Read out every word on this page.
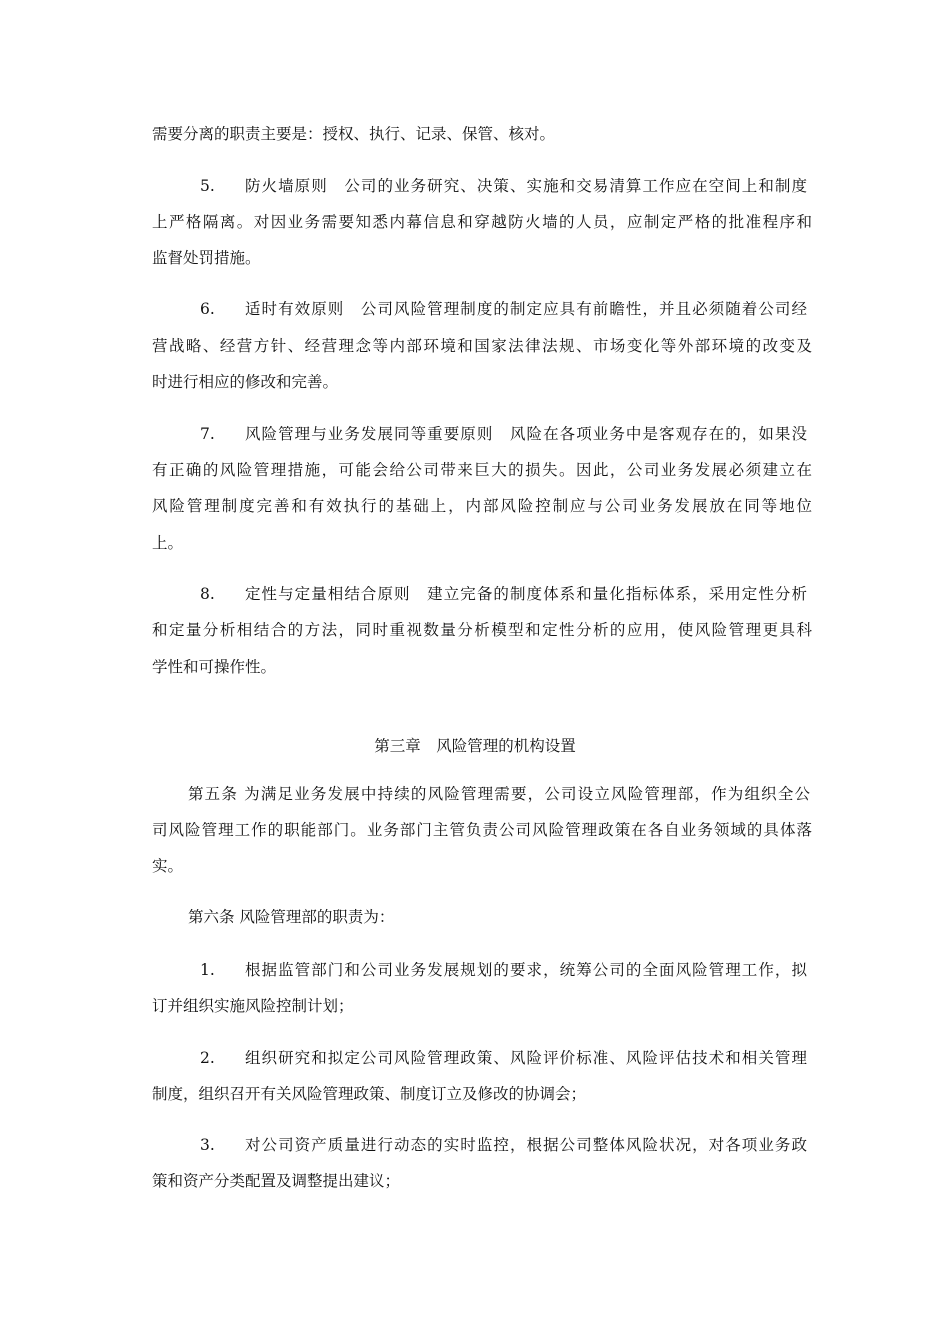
需要分离的职责主要是：授权、执行、记录、保管、核对。
5.	防火墙原则　公司的业务研究、决策、实施和交易清算工作应在空间上和制度
上严格隔离。对因业务需要知悉内幕信息和穿越防火墙的人员，应制定严格的批准程序和
监督处罚措施。
6.	适时有效原则　公司风险管理制度的制定应具有前瞻性，并且必须随着公司经
营战略、经营方针、经营理念等内部环境和国家法律法规、市场变化等外部环境的改变及
时进行相应的修改和完善。
7.	风险管理与业务发展同等重要原则　风险在各项业务中是客观存在的，如果没
有正确的风险管理措施，可能会给公司带来巨大的损失。因此，公司业务发展必须建立在
风险管理制度完善和有效执行的基础上，内部风险控制应与公司业务发展放在同等地位
上。
8.	定性与定量相结合原则　建立完备的制度体系和量化指标体系，采用定性分析
和定量分析相结合的方法，同时重视数量分析模型和定性分析的应用，使风险管理更具科
学性和可操作性。
第三章　风险管理的机构设置
第五条 为满足业务发展中持续的风险管理需要，公司设立风险管理部，作为组织全公
司风险管理工作的职能部门。业务部门主管负责公司风险管理政策在各自业务领域的具体落
实。
第六条 风险管理部的职责为：
1.	根据监管部门和公司业务发展规划的要求，统筹公司的全面风险管理工作，拟
订并组织实施风险控制计划；
2.	组织研究和拟定公司风险管理政策、风险评价标准、风险评估技术和相关管理
制度，组织召开有关风险管理政策、制度订立及修改的协调会；
3.	对公司资产质量进行动态的实时监控，根据公司整体风险状况，对各项业务政
策和资产分类配置及调整提出建议；
